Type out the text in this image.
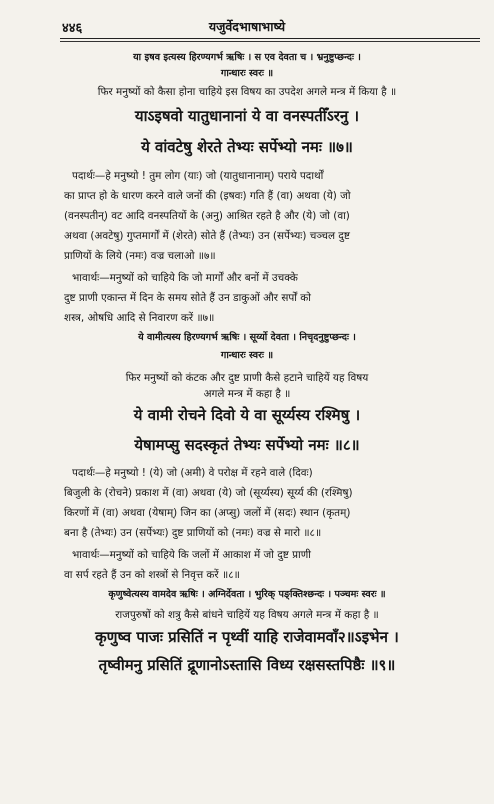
४४६	यजुर्वेदभाषाभाष्ये
या इषव इत्यस्य हिरण्यगर्भ ऋषिः । स एव देवता च । भ्रनुष्टुप्छन्दः ।
गान्धारः स्वरः ॥
फिर मनुष्यों को कैसा होना चाहिये इस विषय का उपदेश अगले मन्त्र में किया है ॥
याऽइषवो यातुधानानां ये वा वनस्पतीँऽरनु ।
ये वांवटेषु शेरते तेभ्यः सर्पेभ्यो नमः ॥७॥
पदार्थः—हे मनुष्यो ! तुम लोग (याः) जो (यातुधानानाम्) पराये पदार्थों
का प्राप्त हो के धारण करने वाले जनों की (इषवः) गति हैं (वा) अथवा (ये) जो
(वनस्पतीन्) वट आदि वनस्पतियों के (अनु) आश्रित रहते है और (ये) जो (वा)
अथवा (अवटेषु) गुप्तमार्गों में (शेरते) सोते हैं (तेभ्यः) उन (सर्पेभ्यः) चञ्चल दुष्ट
प्राणियों के लिये (नमः) वज्र चलाओ ॥७॥
भावार्थः—मनुष्यों को चाहिये कि जो मार्गों और बनों में उचक्के
दुष्ट प्राणी एकान्त में दिन के समय सोते हैं उन डाकुओं और सर्पों को
शस्त्र, ओषधि आदि से निवारण करें ॥७॥
ये वामीत्यस्य हिरण्यगर्भ ऋषिः । सूर्य्यो देवता । निचृदनुष्टुप्छन्दः ।
गान्धारः स्वरः ॥
फिर मनुष्यों को कंटक और दुष्ट प्राणी कैसे हटाने चाहियें यह विषय
अगले मन्त्र में कहा है ॥
ये वामी रोचने दिवो ये वा सूर्य्यस्य रश्मिषु ।
येषामप्सु सदस्कृतं तेभ्यः सर्पेभ्यो नमः ॥८॥
पदार्थः—हे मनुष्यो ! (ये) जो (अमी) वे परोक्ष में रहने वाले (दिवः)
बिजुली के (रोचने) प्रकाश में (वा) अथवा (ये) जो (सूर्य्यस्य) सूर्य्य की (रश्मिषु)
किरणों में (वा) अथवा (येषाम्) जिन का (अप्सु) जलों में (सदः) स्थान (कृतम्)
बना है (तेभ्यः) उन (सर्पेभ्यः) दुष्ट प्राणियों को (नमः) वज्र से मारो ॥८॥
भावार्थः—मनुष्यों को चाहिये कि जलों में आकाश में जो दुष्ट प्राणी
वा सर्प रहते हैं उन को शस्त्रों से निवृत्त करें ॥८॥
कृणुष्वेत्यस्य वामदेव ऋषिः । अग्निर्देवता । भुरिक् पङ्क्तिश्छन्दः । पञ्चमः स्वरः ॥
राजपुरुषों को शत्रु कैसे बांधने चाहियें यह विषय अगले मन्त्र में कहा है ॥
कृणुष्व पाजः प्रसितिं न पृथ्वीं याहि राजेवामवाँ२॥ऽइभेन ।
तृष्वीमनु प्रसितिं द्रूणानोऽस्तासि विध्य रक्षसस्तपिष्ठैः ॥९॥
